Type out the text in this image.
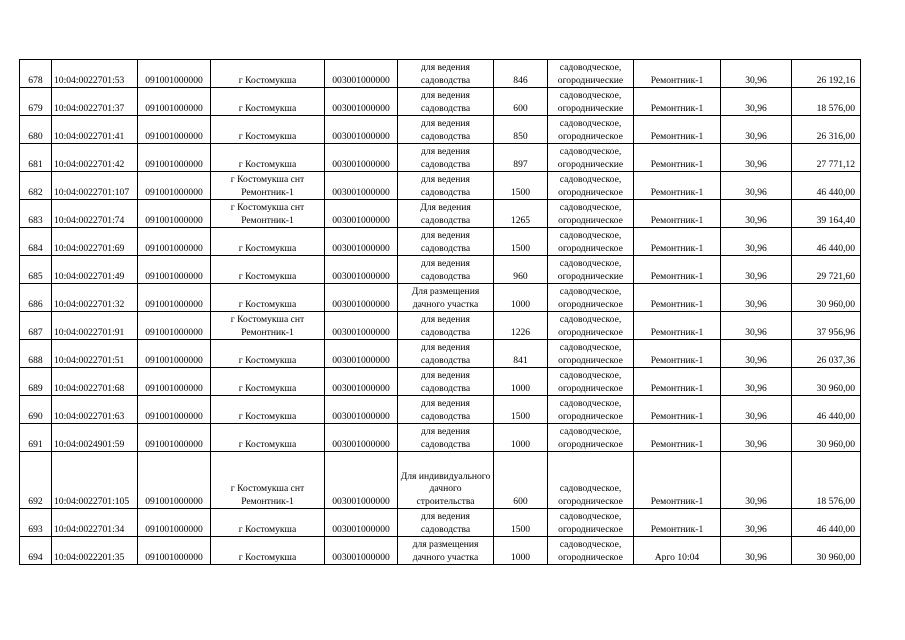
678	10:04:0022701:53	091001000000	г Костомукша	003001000000	для ведения садоводства	846	садоводческое, огороднические	Ремонтник-1	30,96	26 192,16
679	10:04:0022701:37	091001000000	г Костомукша	003001000000	для ведения садоводства	600	садоводческое, огороднические	Ремонтник-1	30,96	18 576,00
680	10:04:0022701:41	091001000000	г Костомукша	003001000000	для ведения садоводства	850	садоводческое, огородническое	Ремонтник-1	30,96	26 316,00
681	10:04:0022701:42	091001000000	г Костомукша	003001000000	для ведения садоводства	897	садоводческое, огороднические	Ремонтник-1	30,96	27 771,12
682	10:04:0022701:107	091001000000	г Костомукша снт Ремонтник-1	003001000000	для ведения садоводства	1500	садоводческое, огородническое	Ремонтник-1	30,96	46 440,00
683	10:04:0022701:74	091001000000	г Костомукша снт Ремонтник-1	003001000000	Для ведения садоводства	1265	садоводческое, огородническое	Ремонтник-1	30,96	39 164,40
684	10:04:0022701:69	091001000000	г Костомукша	003001000000	для ведения садоводства	1500	садоводческое, огородническое	Ремонтник-1	30,96	46 440,00
685	10:04:0022701:49	091001000000	г Костомукша	003001000000	для ведения садоводства	960	садоводческое, огороднические	Ремонтник-1	30,96	29 721,60
686	10:04:0022701:32	091001000000	г Костомукша	003001000000	Для размещения дачного участка	1000	садоводческое, огородническое	Ремонтник-1	30,96	30 960,00
687	10:04:0022701:91	091001000000	г Костомукша снт Ремонтник-1	003001000000	для ведения садоводства	1226	садоводческое, огородническое	Ремонтник-1	30,96	37 956,96
688	10:04:0022701:51	091001000000	г Костомукша	003001000000	для ведения садоводства	841	садоводческое, огородническое	Ремонтник-1	30,96	26 037,36
689	10:04:0022701:68	091001000000	г Костомукша	003001000000	для ведения садоводства	1000	садоводческое, огородническое	Ремонтник-1	30,96	30 960,00
690	10:04:0022701:63	091001000000	г Костомукша	003001000000	для ведения садоводства	1500	садоводческое, огородническое	Ремонтник-1	30,96	46 440,00
691	10:04:0024901:59	091001000000	г Костомукша	003001000000	для ведения садоводства	1000	садоводческое, огородническое	Ремонтник-1	30,96	30 960,00
692	10:04:0022701:105	091001000000	г Костомукша снт Ремонтник-1	003001000000	Для индивидуального дачного строительства	600	садоводческое, огородническое	Ремонтник-1	30,96	18 576,00
693	10:04:0022701:34	091001000000	г Костомукша	003001000000	для ведения садоводства	1500	садоводческое, огородническое	Ремонтник-1	30,96	46 440,00
694	10:04:0022201:35	091001000000	г Костомукша	003001000000	для размещения дачного участка	1000	садоводческое, огородническое	Арго 10:04	30,96	30 960,00
